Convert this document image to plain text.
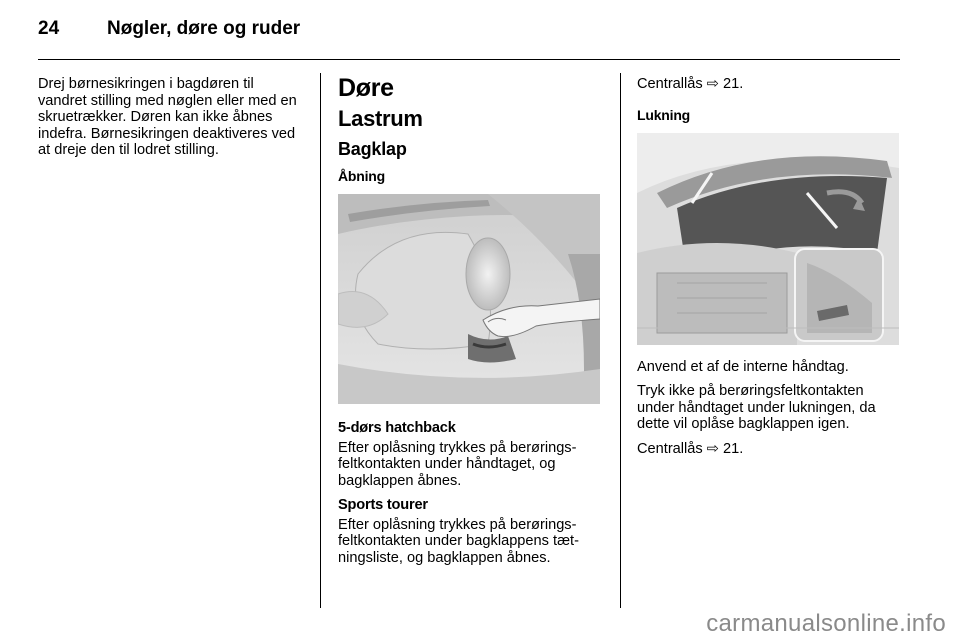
24	Nøgler, døre og ruder

Drej børnesikringen i bagdøren til vandret stilling med nøglen eller med en skruetrækker. Døren kan ikke åbnes indefra. Børnesikringen deaktiveres ved at dreje den til lodret stilling.

Døre
Lastrum
Bagklap
Åbning

5-dørs hatchback

Efter oplåsning trykkes på berøringsfeltkontakten under håndtaget, og bagklappen åbnes.

Sports tourer

Efter oplåsning trykkes på berøringsfeltkontakten under bagklappens tætningsliste, og bagklappen åbnes.

Centrallås ⇨ 21.

Lukning

Anvend et af de interne håndtag.

Tryk ikke på berøringsfeltkontakten under håndtaget under lukningen, da dette vil oplåse bagklappen igen.

Centrallås ⇨ 21.

carmanualsonline.info
